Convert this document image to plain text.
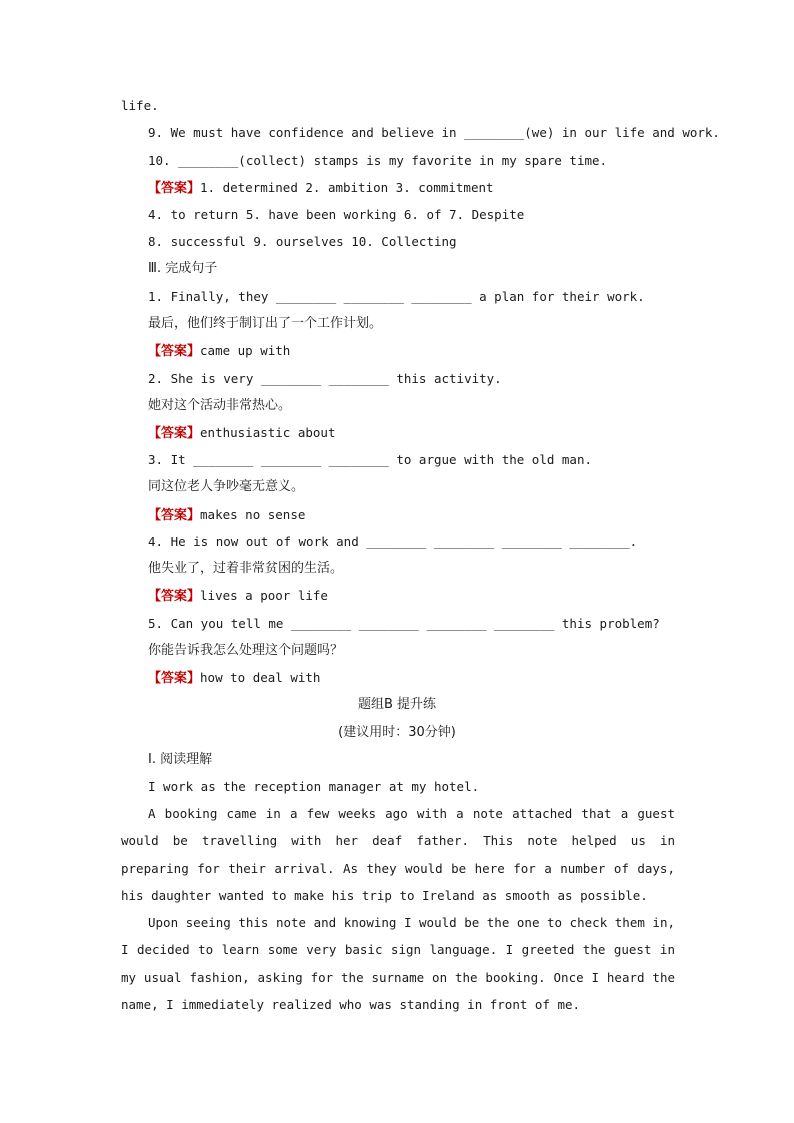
life.
9. We must have confidence and believe in ________(we) in our life and work.
10. ________(collect) stamps is my favorite in my spare time.
【答案】1. determined 2. ambition 3. commitment
4. to return 5. have been working 6. of 7. Despite
8. successful 9. ourselves 10. Collecting
Ⅲ. 完成句子
1. Finally, they ________ ________ ________ a plan for their work.
最后，他们终于制订出了一个工作计划。
【答案】came up with
2. She is very ________ ________ this activity.
她对这个活动非常热心。
【答案】enthusiastic about
3. It ________ ________ ________ to argue with the old man.
同这位老人争吵毫无意义。
【答案】makes no sense
4. He is now out of work and ________ ________ ________ ________.
他失业了，过着非常贫困的生活。
【答案】lives a poor life
5. Can you tell me ________ ________ ________ ________ this problem?
你能告诉我怎么处理这个问题吗？
【答案】how to deal with
题组B 提升练
(建议用时：30分钟)
Ⅰ. 阅读理解
I work as the reception manager at my hotel.
A booking came in a few weeks ago with a note attached that a guest would be travelling with her deaf father. This note helped us in preparing for their arrival. As they would be here for a number of days, his daughter wanted to make his trip to Ireland as smooth as possible.
Upon seeing this note and knowing I would be the one to check them in, I decided to learn some very basic sign language. I greeted the guest in my usual fashion, asking for the surname on the booking. Once I heard the name, I immediately realized who was standing in front of me.
